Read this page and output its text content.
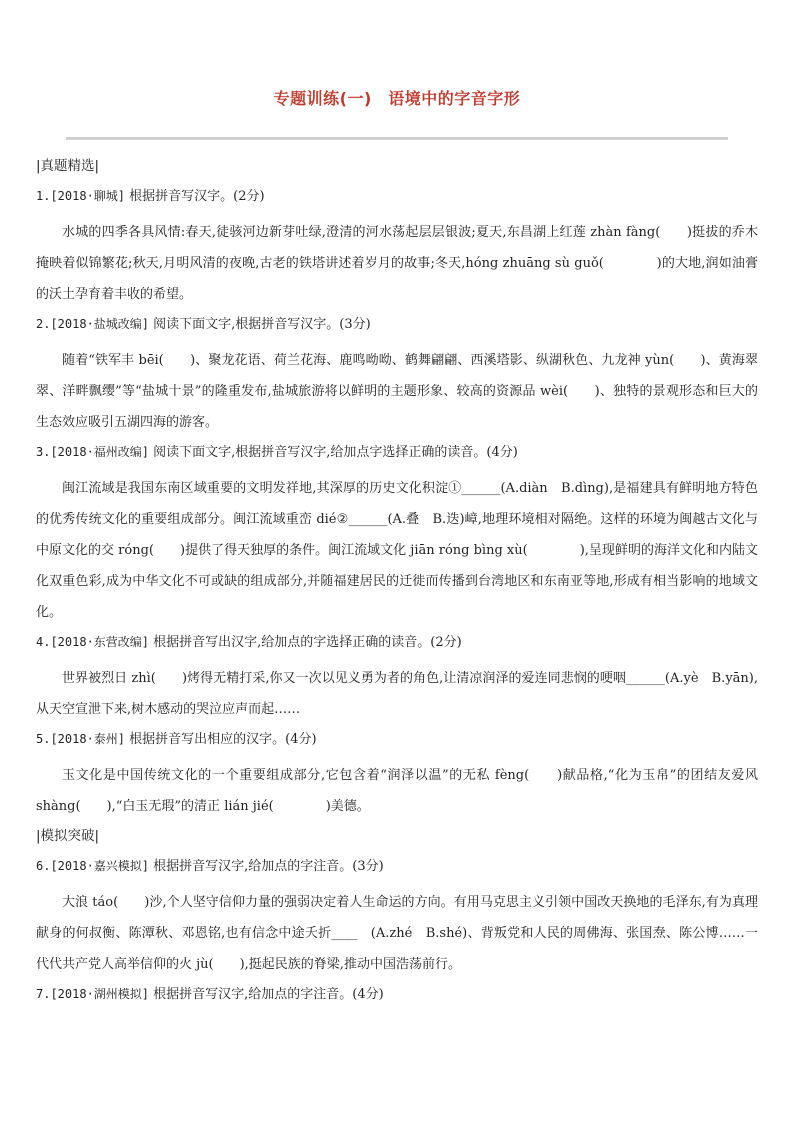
专题训练(一)　语境中的字音字形
|真题精选|
1.[2018·聊城] 根据拼音写汉字。(2分)
水城的四季各具风情:春天,徒骇河边新芽吐绿,澄清的河水荡起层层银波;夏天,东昌湖上红莲 zhàn fàng(　　)挺拔的乔木掩映着似锦繁花;秋天,月明风清的夜晚,古老的铁塔讲述着岁月的故事;冬天,hóng zhuāng sù guǒ(　　　　)的大地,润如油膏的沃土孕育着丰收的希望。
2.[2018·盐城改编] 阅读下面文字,根据拼音写汉字。(3分)
随着“铁军丰 bēi(　　)、聚龙花语、荷兰花海、鹿鸣呦呦、鹤舞翩翩、西溪塔影、纵湖秋色、九龙神 yùn(　　)、黄海翠翠、洋畔飘缨”等“盐城十景”的隆重发布,盐城旅游将以鲜明的主题形象、较高的资源品 wèi(　　)、独特的景观形态和巨大的生态效应吸引五湖四海的游客。
3.[2018·福州改编] 阅读下面文字,根据拼音写汉字,给加点字选择正确的读音。(4分)
闽江流域是我国东南区域重要的文明发祥地,其深厚的历史文化积淀①______(A.diàn　B.dìng),是福建具有鲜明地方特色的优秀传统文化的重要组成部分。闽江流域重峦 dié②______(A.叠　B.迭)嶂,地理环境相对隔绝。这样的环境为闽越古文化与中原文化的交 róng(　　)提供了得天独厚的条件。闽江流域文化 jiān róng bìng xù(　　　　),呈现鲜明的海洋文化和内陆文化双重色彩,成为中华文化不可或缺的组成部分,并随福建居民的迁徙而传播到台湾地区和东南亚等地,形成有相当影响的地域文化。
4.[2018·东营改编] 根据拼音写出汉字,给加点的字选择正确的读音。(2分)
世界被烈日 zhì(　　)烤得无精打采,你又一次以见义勇为者的角色,让清凉润泽的爱连同悲悯的哽咽______(A.yè　B.yān),从天空宣泄下来,树木感动的哭泣应声而起……
5.[2018·泰州] 根据拼音写出相应的汉字。(4分)
玉文化是中国传统文化的一个重要组成部分,它包含着“润泽以温”的无私 fèng(　　)献品格,“化为玉帛”的团结友爱风 shàng(　　),“白玉无瑕”的清正 lián jié(　　　　)美德。
|模拟突破|
6.[2018·嘉兴模拟] 根据拼音写汉字,给加点的字注音。(3分)
大浪 táo(　　)沙,个人坚守信仰力量的强弱决定着人生命运的方向。有用马克思主义引领中国改天换地的毛泽东,有为真理献身的何叔衡、陈潭秋、邓恩铭,也有信念中途夭折____　(A.zhé　B.shé)、背叛党和人民的周佛海、张国焘、陈公博……一代代共产党人高举信仰的火 jù(　　),挺起民族的脊梁,推动中国浩荡前行。
7.[2018·湖州模拟] 根据拼音写汉字,给加点的字注音。(4分)
